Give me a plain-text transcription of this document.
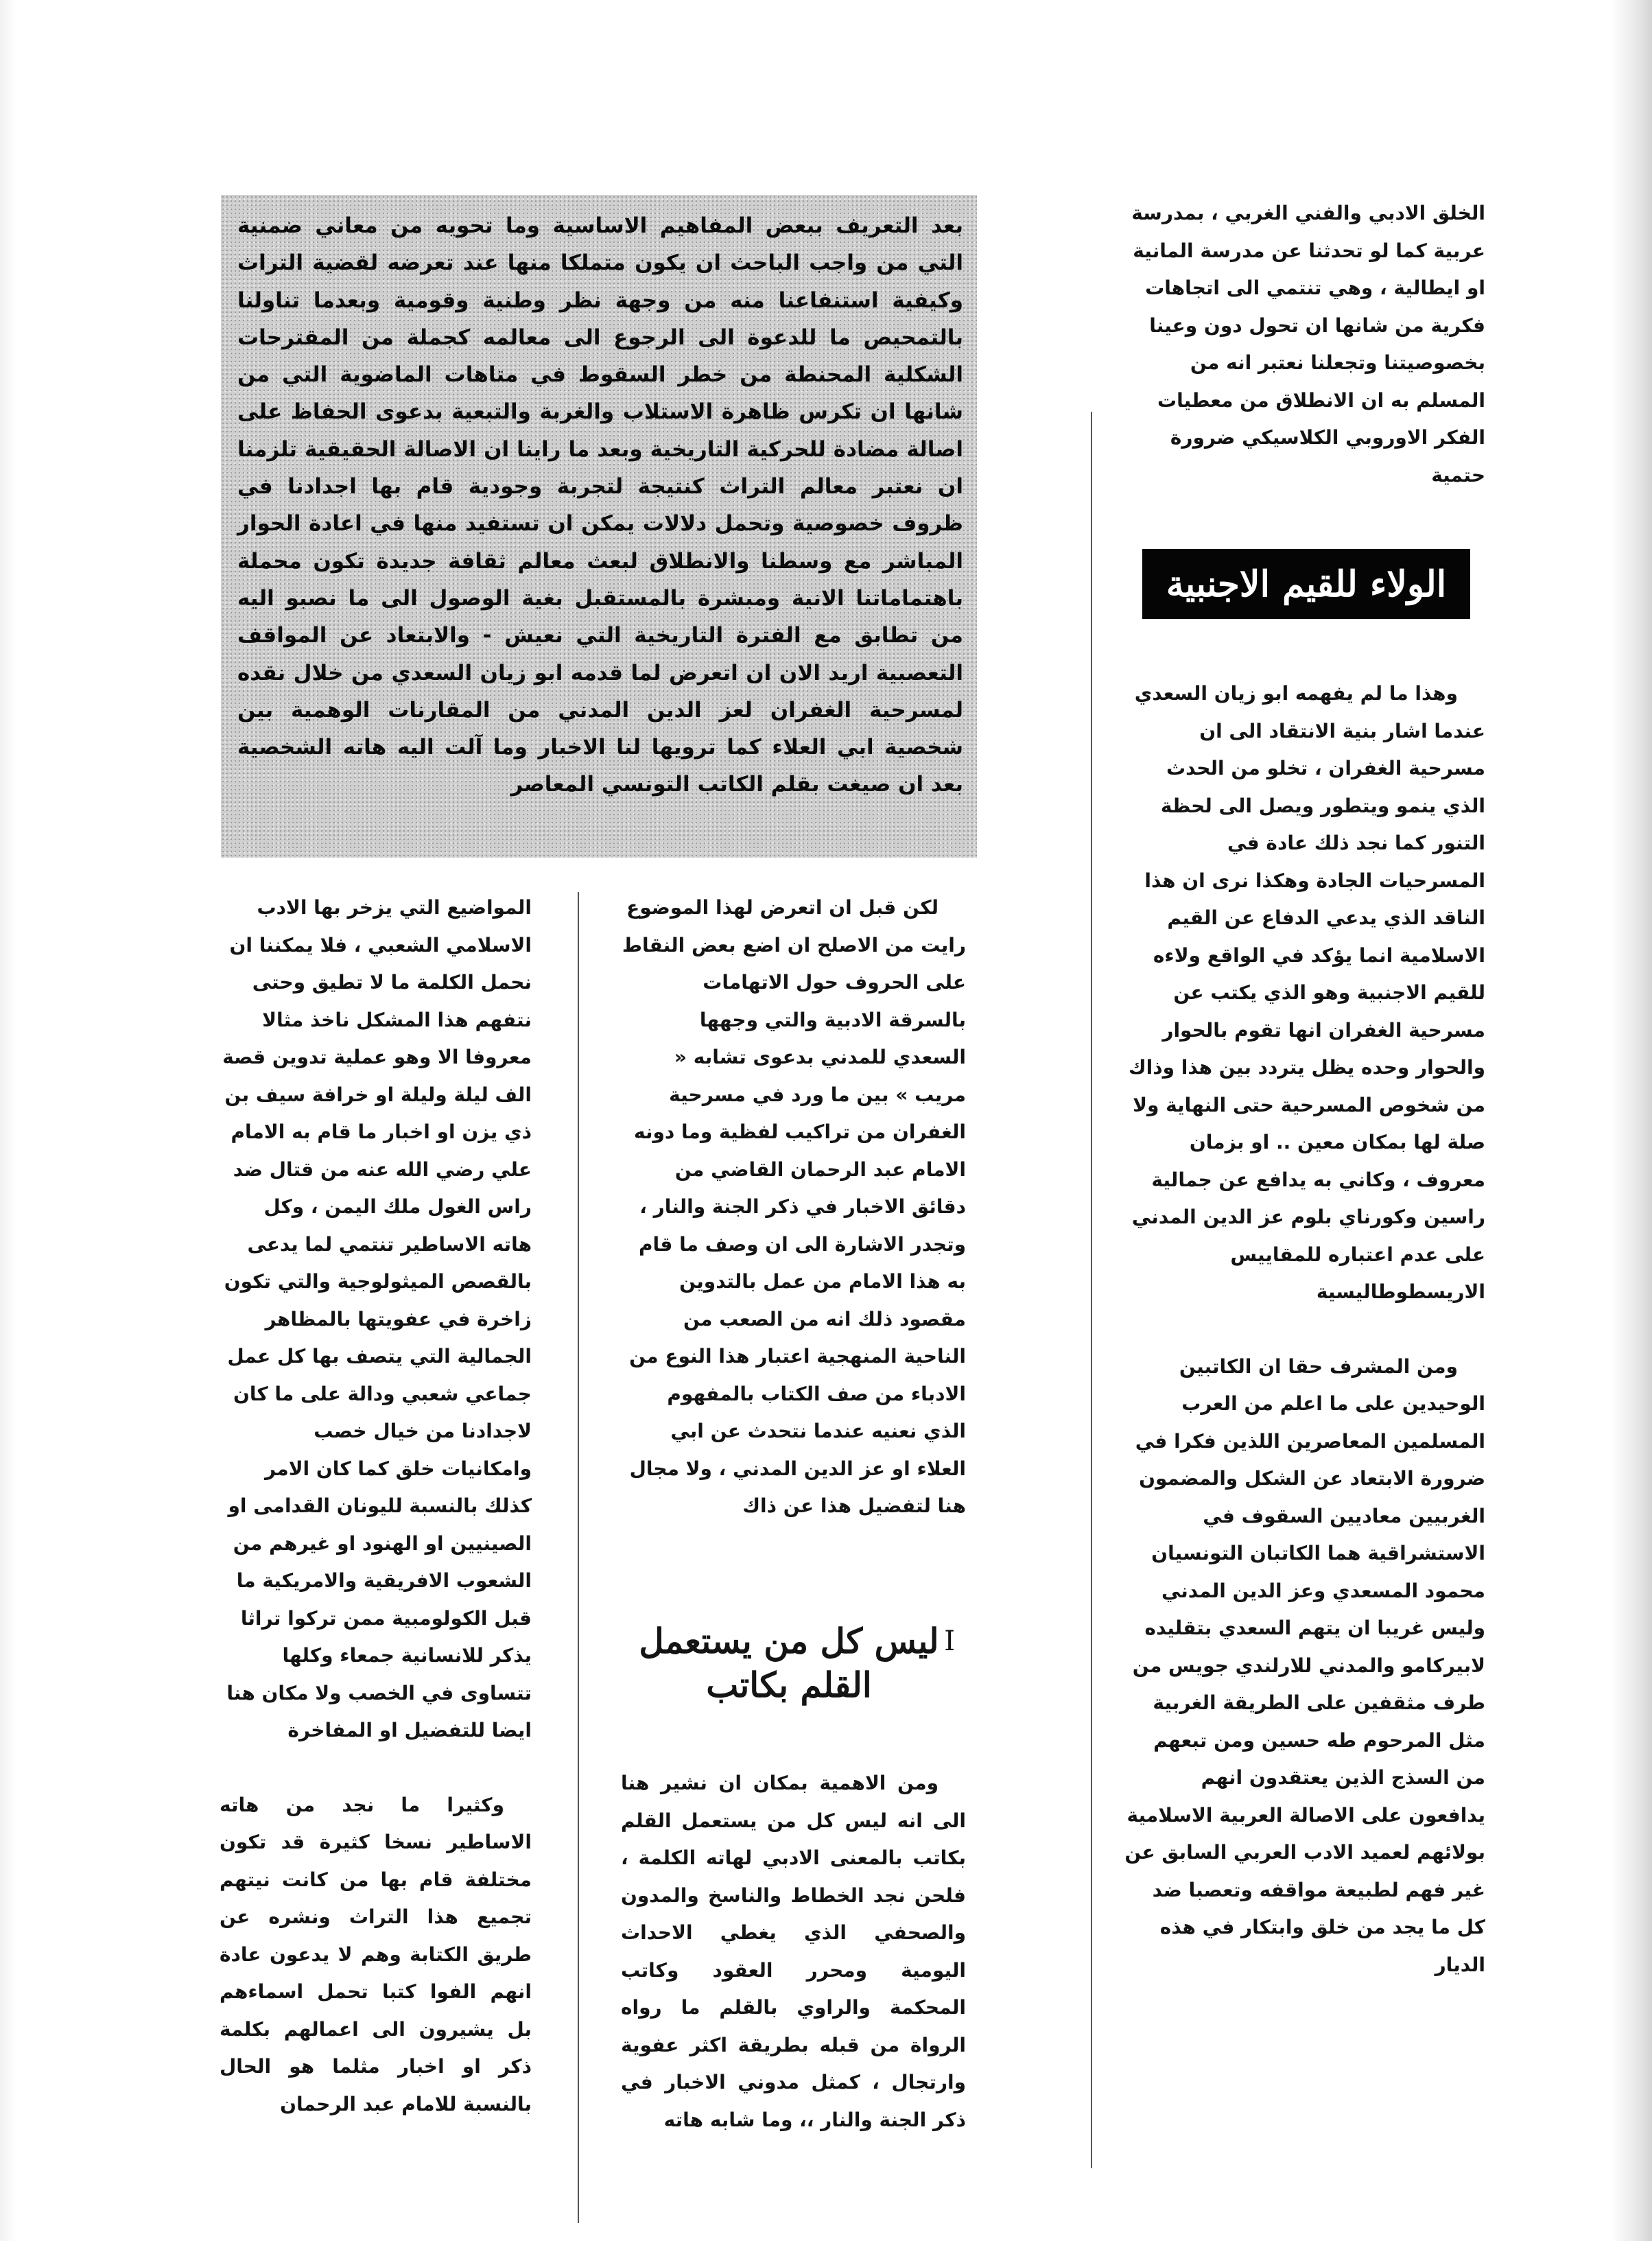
الخلق الادبي والفني الغربي ، بمدرسة عربية كما لو تحدثنا عن مدرسة المانية او ايطالية ، وهي تنتمي الى اتجاهات فكرية من شانها ان تحول دون وعينا بخصوصيتنا وتجعلنا نعتبر انه من المسلم به ان الانطلاق من معطيات الفكر الاوروبي الكلاسيكي ضرورة حتمية

الولاء للقيم الاجنبية

وهذا ما لم يفهمه ابو زيان السعدي عندما اشار بنية الانتقاد الى ان مسرحية الغفران ، تخلو من الحدث الذي ينمو ويتطور ويصل الى لحظة التنور كما نجد ذلك عادة في المسرحيات الجادة وهكذا نرى ان هذا الناقد الذي يدعي الدفاع عن القيم الاسلامية انما يؤكد في الواقع ولاءه للقيم الاجنبية وهو الذي يكتب عن مسرحية الغفران انها تقوم بالحوار والحوار وحده يظل يتردد بين هذا وذاك من شخوص المسرحية حتى النهاية ولا صلة لها بمكان معين .. او بزمان معروف ، وكاني به يدافع عن جمالية راسين وكورناي بلوم عز الدين المدني على عدم اعتباره للمقاييس الاريسطوطاليسية

ومن المشرف حقا ان الكاتبين الوحيدين على ما اعلم من العرب المسلمين المعاصرين اللذين فكرا في ضرورة الابتعاد عن الشكل والمضمون الغربيين معاديين السقوف في الاستشراقية هما الكاتبان التونسيان محمود المسعدي وعز الدين المدني وليس غريبا ان يتهم السعدي بتقليده لابيركامو والمدني للارلندي جويس من طرف مثقفين على الطريقة الغربية مثل المرحوم طه حسين ومن تبعهم من السذج الذين يعتقدون انهم يدافعون على الاصالة العربية الاسلامية بولائهم لعميد الادب العربي السابق عن غير فهم لطبيعة مواقفه وتعصبا ضد كل ما يجد من خلق وابتكار في هذه الديار

بعد التعريف ببعض المفاهيم الاساسية وما تحويه من معاني ضمنية التي من واجب الباحث ان يكون متملكا منها عند تعرضه لقضية التراث وكيفية استنفاعنا منه من وجهة نظر وطنية وقومية وبعدما تناولنا بالتمحيص ما للدعوة الى الرجوع الى معالمه كجملة من المقترحات الشكلية المحنطة من خطر السقوط في متاهات الماضوية التي من شانها ان تكرس ظاهرة الاستلاب والغربة والتبعية بدعوى الحفاظ على اصالة مضادة للحركية التاريخية وبعد ما راينا ان الاصالة الحقيقية تلزمنا ان نعتبر معالم التراث كنتيجة لتجربة وجودية قام بها اجدادنا في ظروف خصوصية وتحمل دلالات يمكن ان تستفيد منها في اعادة الحوار المباشر مع وسطنا والانطلاق لبعث معالم ثقافة جديدة تكون محملة باهتماماتنا الانية ومبشرة بالمستقبل بغية الوصول الى ما نصبو اليه من تطابق مع الفترة التاريخية التي نعيش - والابتعاد عن المواقف التعصبية اريد الان ان اتعرض لما قدمه ابو زيان السعدي من خلال نقده لمسرحية الغفران لعز الدين المدني من المقارنات الوهمية بين شخصية ابي العلاء كما ترويها لنا الاخبار وما آلت اليه هاته الشخصية بعد ان صيغت بقلم الكاتب التونسي المعاصر

لكن قبل ان اتعرض لهذا الموضوع رايت من الاصلح ان اضع بعض النقاط على الحروف حول الاتهامات بالسرقة الادبية والتي وجهها السعدي للمدني بدعوى تشابه « مريب » بين ما ورد في مسرحية الغفران من تراكيب لفظية وما دونه الامام عبد الرحمان القاضي من دقائق الاخبار في ذكر الجنة والنار ، وتجدر الاشارة الى ان وصف ما قام به هذا الامام من عمل بالتدوين مقصود ذلك انه من الصعب من الناحية المنهجية اعتبار هذا النوع من الادباء من صف الكتاب بالمفهوم الذي نعنيه عندما نتحدث عن ابي العلاء او عز الدين المدني ، ولا مجال هنا لتفضيل هذا عن ذاك

I
ليس كل من يستعمل القلم بكاتب

ومن الاهمية بمكان ان نشير هنا الى انه ليس كل من يستعمل القلم بكاتب بالمعنى الادبي لهاته الكلمة ، فلحن نجد الخطاط والناسخ والمدون والصحفي الذي يغطي الاحداث اليومية ومحرر العقود وكاتب المحكمة والراوي بالقلم ما رواه الرواة من قبله بطريقة اكثر عفوية وارتجال ، كمثل مدوني الاخبار في ذكر الجنة والنار ،، وما شابه هاته

المواضيع التي يزخر بها الادب الاسلامي الشعبي ، فلا يمكننا ان نحمل الكلمة ما لا تطيق وحتى نتفهم هذا المشكل ناخذ مثالا معروفا الا وهو عملية تدوين قصة الف ليلة وليلة او خرافة سيف بن ذي يزن او اخبار ما قام به الامام علي رضي الله عنه من قتال ضد راس الغول ملك اليمن ، وكل هاته الاساطير تنتمي لما يدعى بالقصص الميثولوجية والتي تكون زاخرة في عفويتها بالمظاهر الجمالية التي يتصف بها كل عمل جماعي شعبي ودالة على ما كان لاجدادنا من خيال خصب وامكانيات خلق كما كان الامر كذلك بالنسبة لليونان القدامى او الصينيين او الهنود او غيرهم من الشعوب الافريقية والامريكية ما قبل الكولومبية ممن تركوا تراثا يذكر للانسانية جمعاء وكلها تتساوى في الخصب ولا مكان هنا ايضا للتفضيل او المفاخرة

وكثيرا ما نجد من هاته الاساطير نسخا كثيرة قد تكون مختلفة قام بها من كانت نيتهم تجميع هذا التراث ونشره عن طريق الكتابة وهم لا يدعون عادة انهم الفوا كتبا تحمل اسماءهم بل يشيرون الى اعمالهم بكلمة ذكر او اخبار مثلما هو الحال بالنسبة للامام عبد الرحمان
